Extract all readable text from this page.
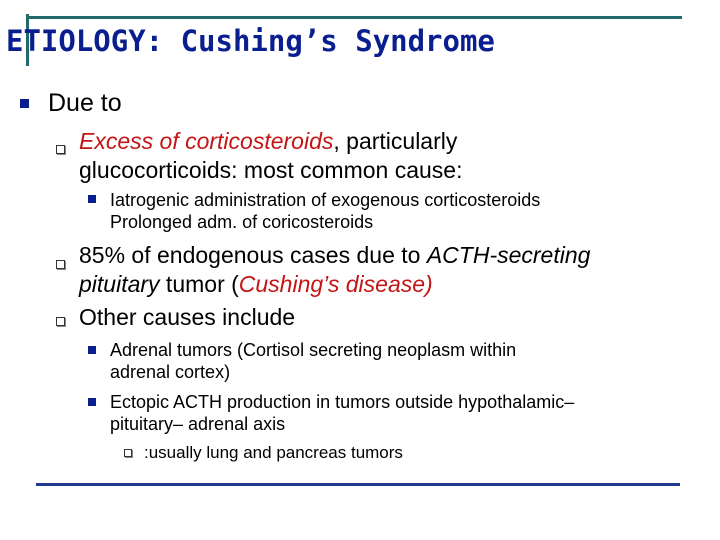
ETIOLOGY: Cushing’s Syndrome

Due to

Excess of corticosteroids, particularly
glucocorticoids: most common cause:

Iatrogenic administration of exogenous corticosteroids
Prolonged adm. of coricosteroids

85% of endogenous cases due to ACTH-secreting
pituitary tumor (Cushing’s disease)

Other causes include

Adrenal tumors (Cortisol secreting neoplasm within
adrenal cortex)

Ectopic ACTH production in tumors outside hypothalamic–
pituitary– adrenal axis

:usually lung and pancreas tumors
